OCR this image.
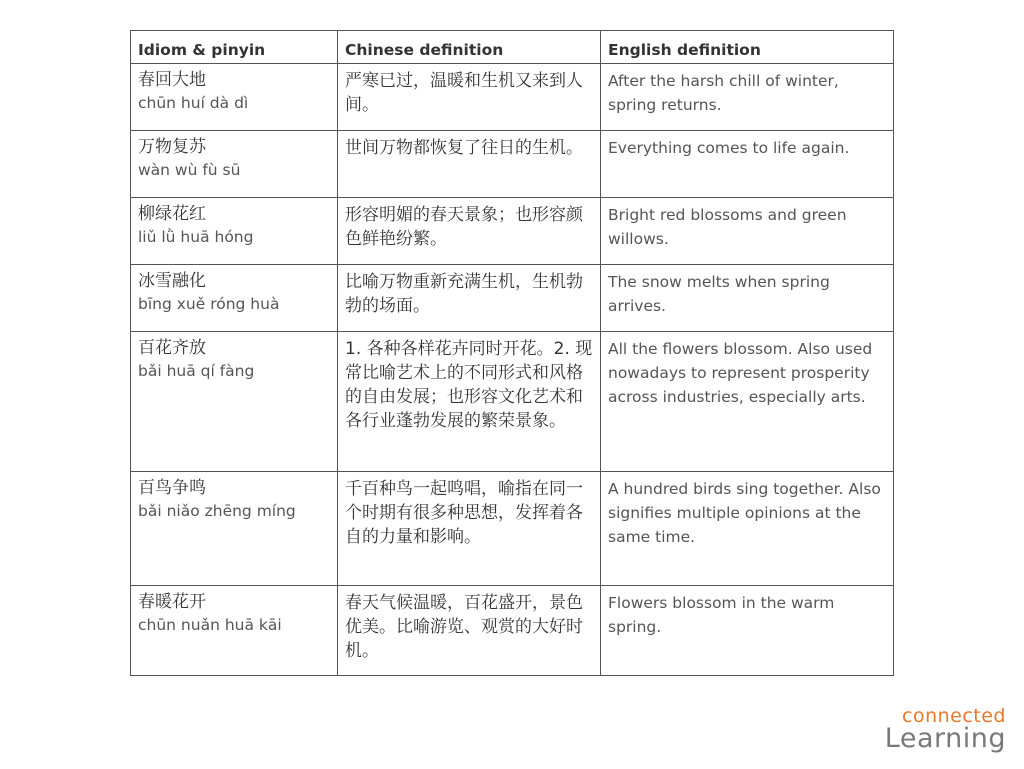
Idiom & pinyin	Chinese definition	English definition

春回大地
chūn huí dà dì	严寒已过，温暖和生机又来到人间。	After the harsh chill of winter, spring returns.

万物复苏
wàn wù fù sū	世间万物都恢复了往日的生机。	Everything comes to life again.

柳绿花红
liǔ lǜ huā hóng	形容明媚的春天景象；也形容颜色鲜艳纷繁。	Bright red blossoms and green willows.

冰雪融化
bīng xuě róng huà	比喻万物重新充满生机，生机勃勃的场面。	The snow melts when spring arrives.

百花齐放
bǎi huā qí fàng	1. 各种各样花卉同时开花。2. 现常比喻艺术上的不同形式和风格的自由发展；也形容文化艺术和各行业蓬勃发展的繁荣景象。	All the flowers blossom. Also used nowadays to represent prosperity across industries, especially arts.

百鸟争鸣
bǎi niǎo zhēng míng	千百种鸟一起鸣唱，喻指在同一个时期有很多种思想，发挥着各自的力量和影响。	A hundred birds sing together. Also signifies multiple opinions at the same time.

春暖花开
chūn nuǎn huā kāi	春天气候温暖，百花盛开，景色优美。比喻游览、观赏的大好时机。	Flowers blossom in the warm spring.
connected
Learning
